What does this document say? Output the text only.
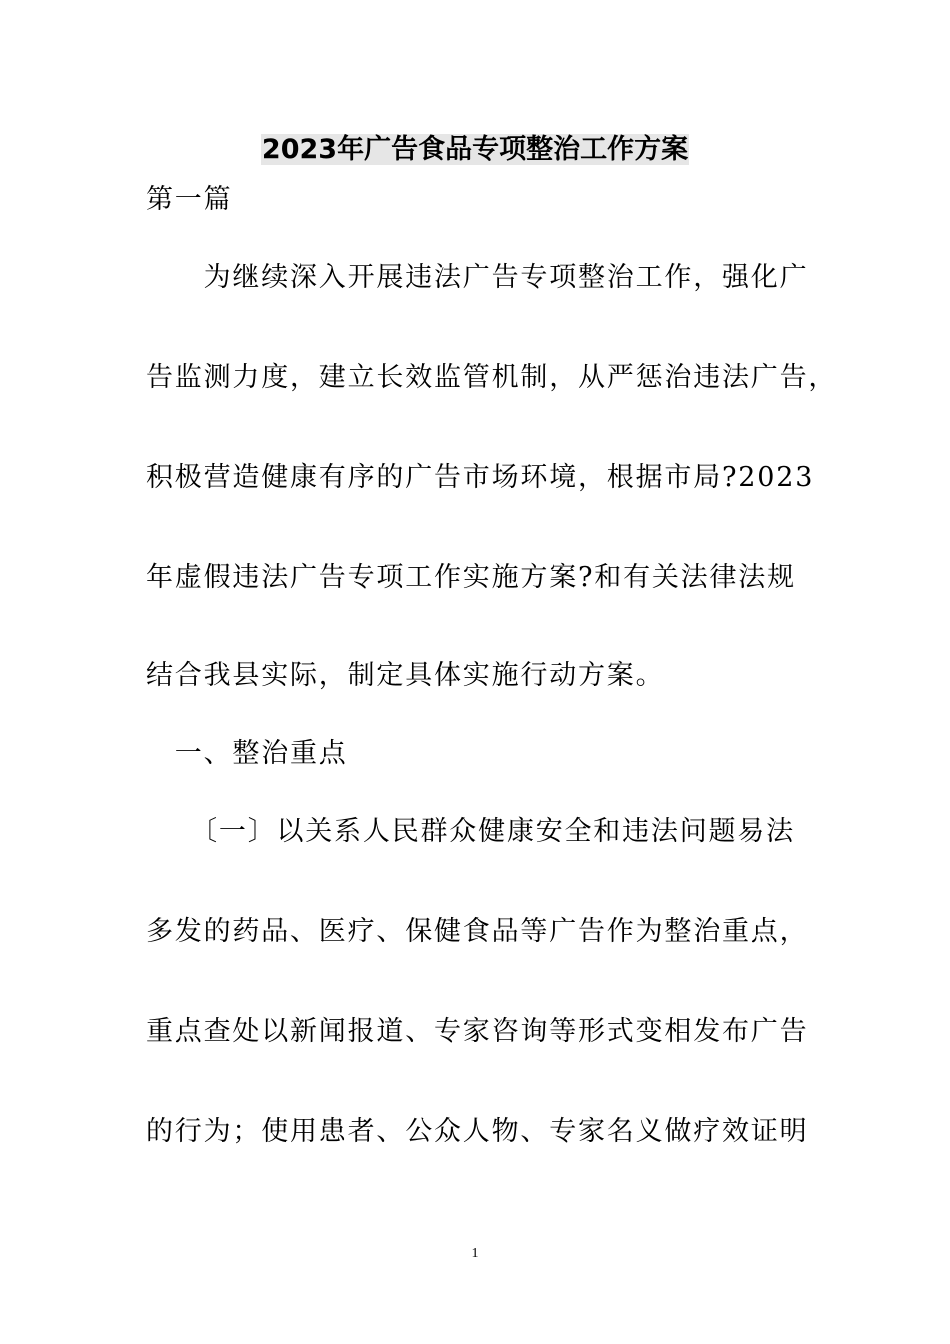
2023年广告食品专项整治工作方案
第一篇
　　为继续深入开展违法广告专项整治工作，强化广
告监测力度，建立长效监管机制，从严惩治违法广告，
积极营造健康有序的广告市场环境，根据市局?2023
年虚假违法广告专项工作实施方案?和有关法律法规
结合我县实际，制定具体实施行动方案。
　一、整治重点
　　〔一〕以关系人民群众健康安全和违法问题易法
多发的药品、医疗、保健食品等广告作为整治重点，
重点查处以新闻报道、专家咨询等形式变相发布广告
的行为；使用患者、公众人物、专家名义做疗效证明
1
